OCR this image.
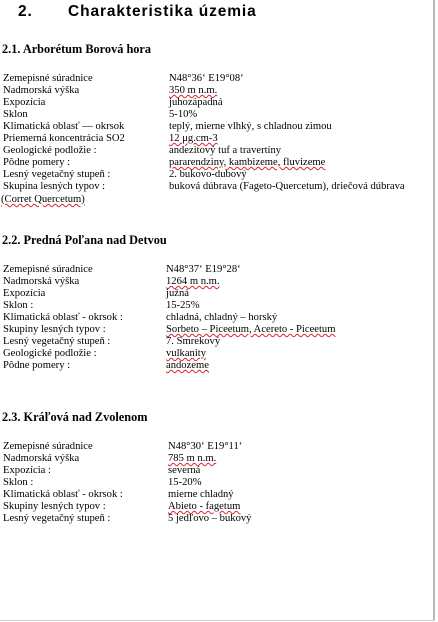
2. Charakteristika územia
2.1. Arborétum Borová hora
Zemepisné súradnice	N48°36‘ E19°08‘
Nadmorská výška	350 m n.m.
Expozícia	juhozápadná
Sklon	5-10%
Klimatická oblasť — okrsok	teplý, mierne vlhký, s chladnou zimou
Priemerná koncentrácia SO2	12 μg.cm-3
Geologické podložie :	andezitový tuf a travertíny
Pôdne pomery :	pararendziny, kambizeme, fluvizeme
Lesný vegetačný stupeň :	2. bukovo-dubový
Skupina lesných typov :	buková dúbrava (Fageto-Quercetum), driečová dúbrava
(Corret Quercetum)
2.2. Predná Poľana nad Detvou
Zemepisné súradnice	N48°37‘ E19°28‘
Nadmorská výška	1264 m n.m.
Expozícia	južná
Sklon :	15-25%
Klimatická oblasť - okrsok :	chladná, chladný – horský
Skupiny lesných typov :	Sorbeto – Piceetum, Acereto - Piceetum
Lesný vegetačný stupeň :	7. Smrekový
Geologické podložie :	vulkanity
Pôdne pomery :	andozeme
2.3. Kráľová nad Zvolenom
Zemepisné súradnice	N48°30‘ E19°11‘
Nadmorská výška	785 m n.m.
Expozícia :	severná
Sklon :	15-20%
Klimatická oblasť - okrsok :	mierne chladný
Skupiny lesných typov :	Abieto - fagetum
Lesný vegetačný stupeň :	5 jedľovo – bukový
